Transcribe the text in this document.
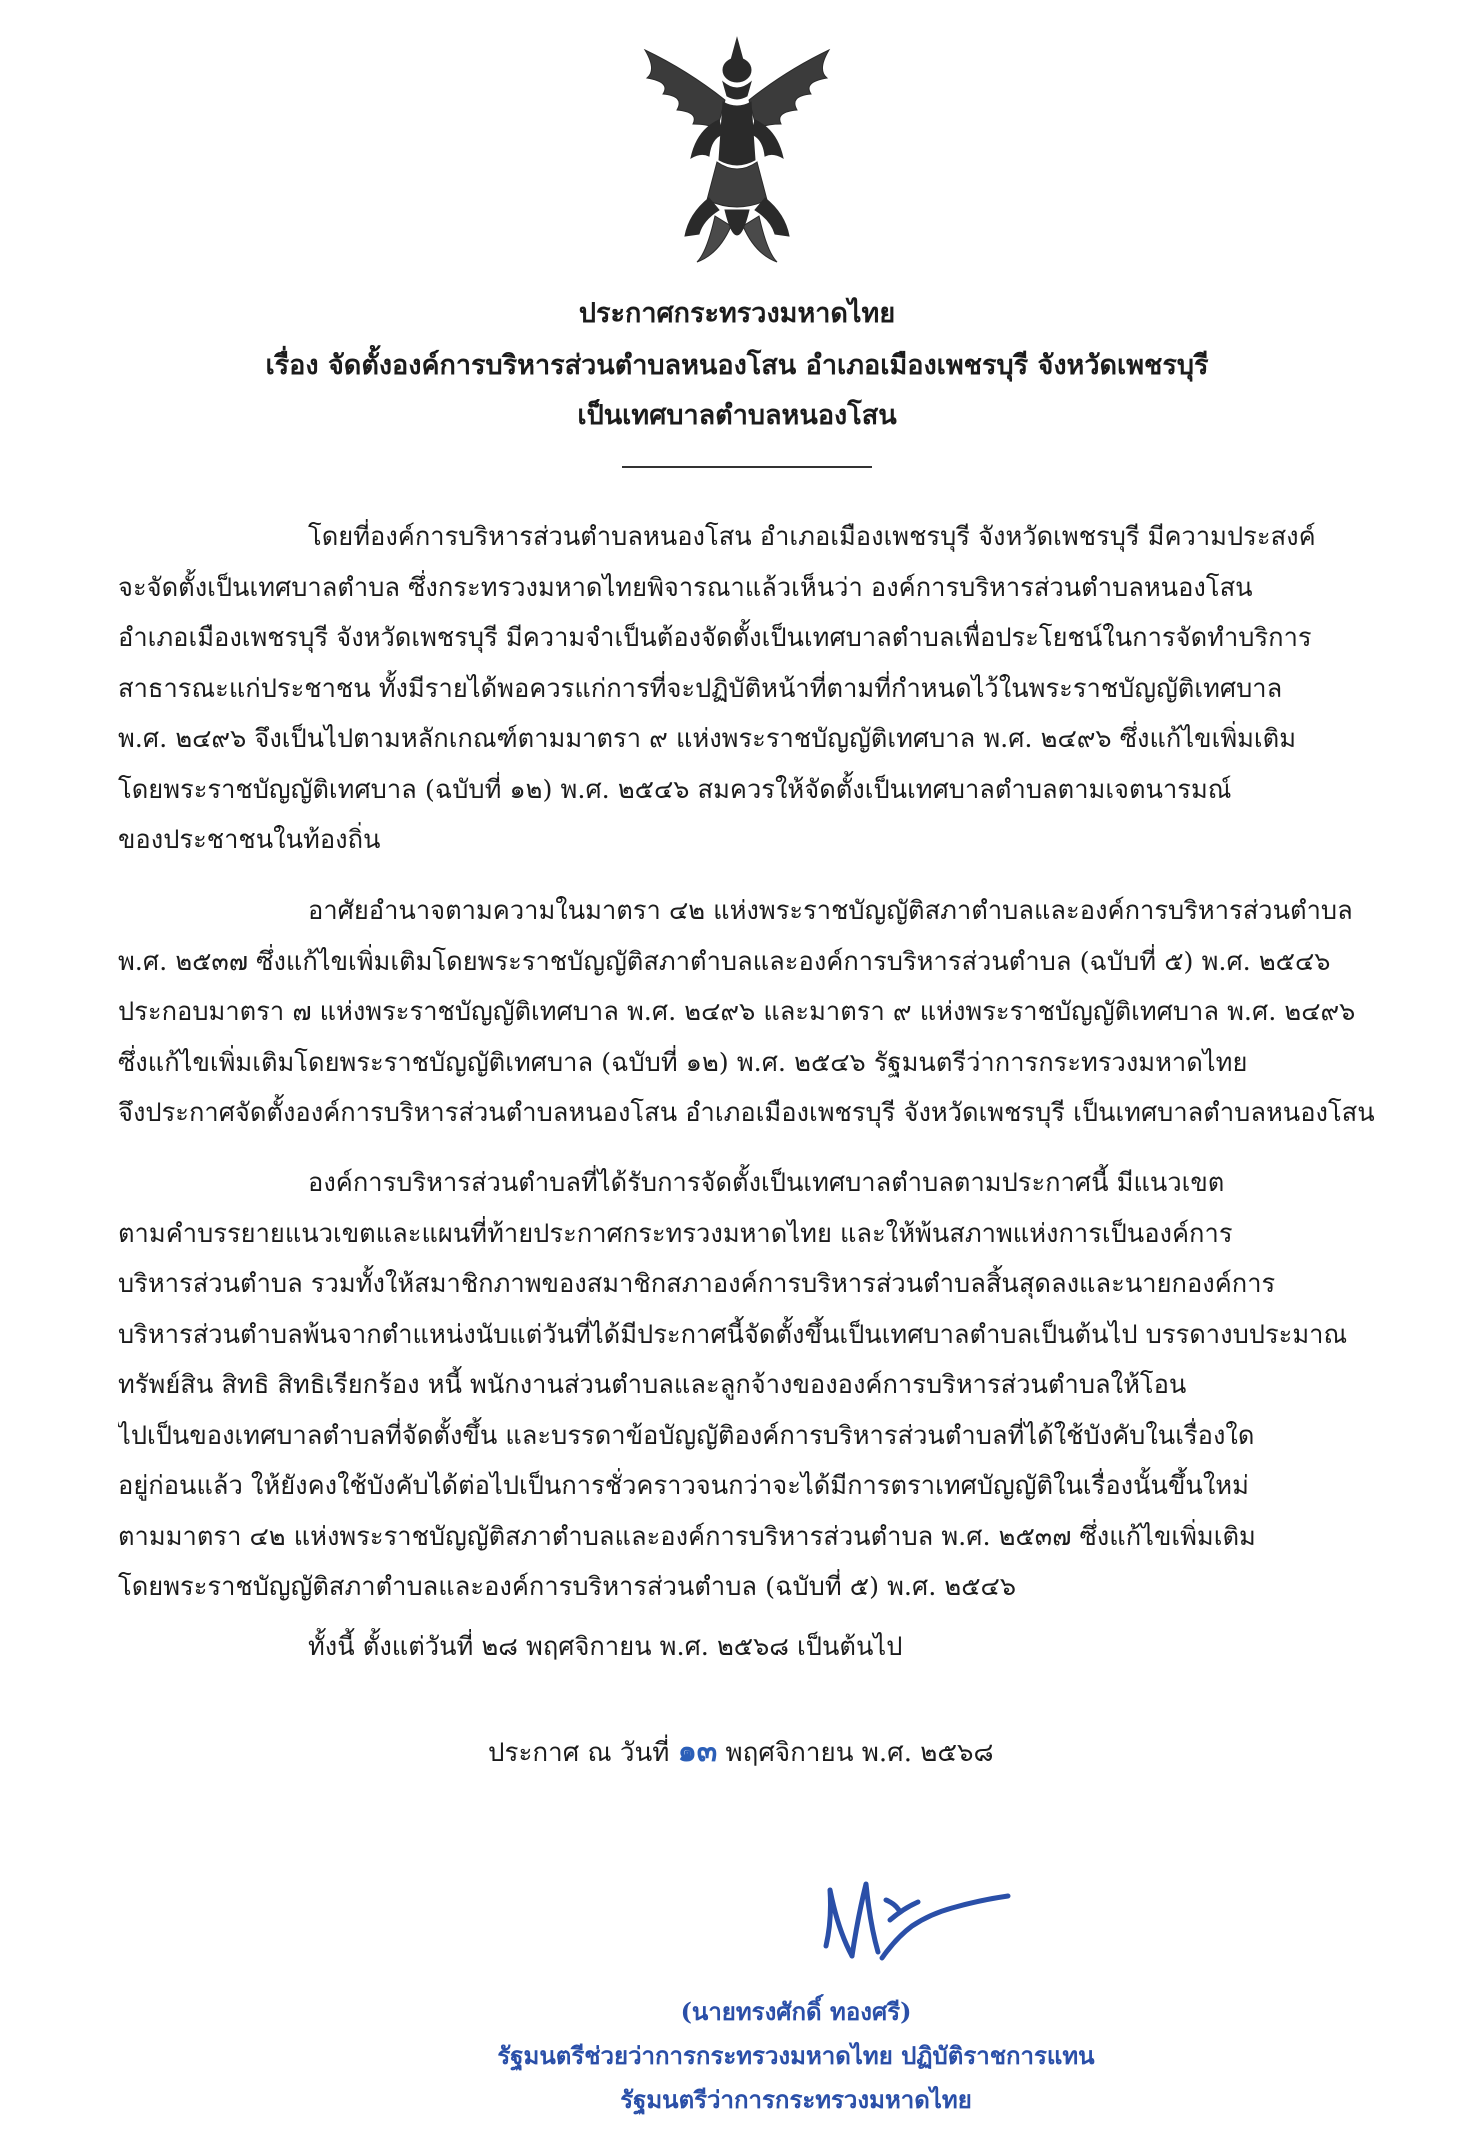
ประกาศกระทรวงมหาดไทย
เรื่อง จัดตั้งองค์การบริหารส่วนตำบลหนองโสน อำเภอเมืองเพชรบุรี จังหวัดเพชรบุรี
เป็นเทศบาลตำบลหนองโสน

โดยที่องค์การบริหารส่วนตำบลหนองโสน อำเภอเมืองเพชรบุรี จังหวัดเพชรบุรี มีความประสงค์
จะจัดตั้งเป็นเทศบาลตำบล ซึ่งกระทรวงมหาดไทยพิจารณาแล้วเห็นว่า องค์การบริหารส่วนตำบลหนองโสน
อำเภอเมืองเพชรบุรี จังหวัดเพชรบุรี มีความจำเป็นต้องจัดตั้งเป็นเทศบาลตำบลเพื่อประโยชน์ในการจัดทำบริการ
สาธารณะแก่ประชาชน ทั้งมีรายได้พอควรแก่การที่จะปฏิบัติหน้าที่ตามที่กำหนดไว้ในพระราชบัญญัติเทศบาล
พ.ศ. ๒๔๙๖ จึงเป็นไปตามหลักเกณฑ์ตามมาตรา ๙ แห่งพระราชบัญญัติเทศบาล พ.ศ. ๒๔๙๖ ซึ่งแก้ไขเพิ่มเติม
โดยพระราชบัญญัติเทศบาล (ฉบับที่ ๑๒) พ.ศ. ๒๕๔๖ สมควรให้จัดตั้งเป็นเทศบาลตำบลตามเจตนารมณ์
ของประชาชนในท้องถิ่น

อาศัยอำนาจตามความในมาตรา ๔๒ แห่งพระราชบัญญัติสภาตำบลและองค์การบริหารส่วนตำบล
พ.ศ. ๒๕๓๗ ซึ่งแก้ไขเพิ่มเติมโดยพระราชบัญญัติสภาตำบลและองค์การบริหารส่วนตำบล (ฉบับที่ ๕) พ.ศ. ๒๕๔๖
ประกอบมาตรา ๗ แห่งพระราชบัญญัติเทศบาล พ.ศ. ๒๔๙๖ และมาตรา ๙ แห่งพระราชบัญญัติเทศบาล พ.ศ. ๒๔๙๖
ซึ่งแก้ไขเพิ่มเติมโดยพระราชบัญญัติเทศบาล (ฉบับที่ ๑๒) พ.ศ. ๒๕๔๖ รัฐมนตรีว่าการกระทรวงมหาดไทย
จึงประกาศจัดตั้งองค์การบริหารส่วนตำบลหนองโสน อำเภอเมืองเพชรบุรี จังหวัดเพชรบุรี เป็นเทศบาลตำบลหนองโสน

องค์การบริหารส่วนตำบลที่ได้รับการจัดตั้งเป็นเทศบาลตำบลตามประกาศนี้ มีแนวเขต
ตามคำบรรยายแนวเขตและแผนที่ท้ายประกาศกระทรวงมหาดไทย และให้พ้นสภาพแห่งการเป็นองค์การ
บริหารส่วนตำบล รวมทั้งให้สมาชิกภาพของสมาชิกสภาองค์การบริหารส่วนตำบลสิ้นสุดลงและนายกองค์การ
บริหารส่วนตำบลพ้นจากตำแหน่งนับแต่วันที่ได้มีประกาศนี้จัดตั้งขึ้นเป็นเทศบาลตำบลเป็นต้นไป บรรดางบประมาณ
ทรัพย์สิน สิทธิ สิทธิเรียกร้อง หนี้ พนักงานส่วนตำบลและลูกจ้างขององค์การบริหารส่วนตำบลให้โอน
ไปเป็นของเทศบาลตำบลที่จัดตั้งขึ้น และบรรดาข้อบัญญัติองค์การบริหารส่วนตำบลที่ได้ใช้บังคับในเรื่องใด
อยู่ก่อนแล้ว ให้ยังคงใช้บังคับได้ต่อไปเป็นการชั่วคราวจนกว่าจะได้มีการตราเทศบัญญัติในเรื่องนั้นขึ้นใหม่
ตามมาตรา ๔๒ แห่งพระราชบัญญัติสภาตำบลและองค์การบริหารส่วนตำบล พ.ศ. ๒๕๓๗ ซึ่งแก้ไขเพิ่มเติม
โดยพระราชบัญญัติสภาตำบลและองค์การบริหารส่วนตำบล (ฉบับที่ ๕) พ.ศ. ๒๕๔๖

ทั้งนี้ ตั้งแต่วันที่ ๒๘ พฤศจิกายน พ.ศ. ๒๕๖๘ เป็นต้นไป

ประกาศ ณ วันที่ ๑๓ พฤศจิกายน พ.ศ. ๒๕๖๘
(นายทรงศักดิ์ ทองศรี)
รัฐมนตรีช่วยว่าการกระทรวงมหาดไทย ปฏิบัติราชการแทน
รัฐมนตรีว่าการกระทรวงมหาดไทย
